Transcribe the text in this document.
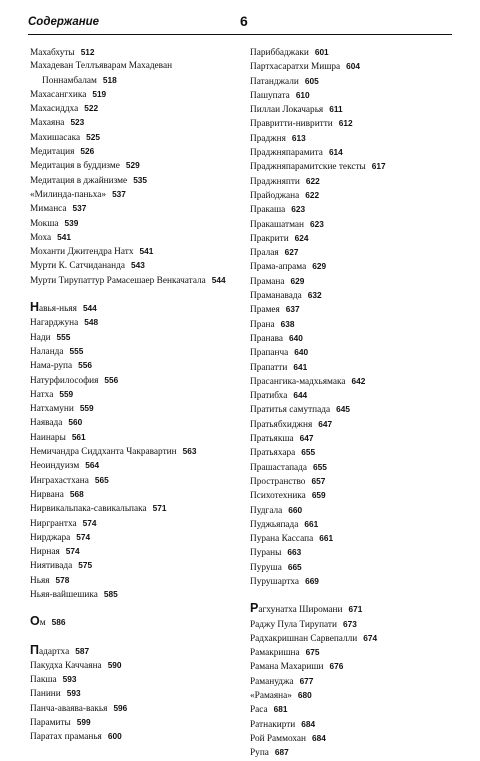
Содержание	6
Махабхуты 512
Махадеван Теллъяварам Махадеван Поннамбалам 518
Махасангхика 519
Махасиддха 522
Махаяна 523
Махишасака 525
Медитация 526
Медитация в буддизме 529
Медитация в джайнизме 535
«Милинда-паньха» 537
Миманса 537
Мокша 539
Моха 541
Моханти Джитендра Натх 541
Мурти К. Сатчидананда 543
Мурти Тирупаттур Рамасешаер Венкачатала 544
Навья-ньяя 544
Нагарджуна 548
Нади 555
Наланда 555
Нама-рупа 556
Натурфилософия 556
Натха 559
Натхамуни 559
Наявада 560
Наинары 561
Немичандра Сиддханта Чакравартин 563
Неоиндуизм 564
Инграхастхана 565
Нирвана 568
Нирвикальпака-савикальпака 571
Ниргрантха 574
Нирджара 574
Нирная 574
Ниятивада 575
Ньяя 578
Ньяя-вайшешика 585
Ом 586
Падартха 587
Пакудха Каччаяна 590
Пакша 593
Панини 593
Панча-аваява-вакья 596
Парамиты 599
Паратах праманья 600
Париббаджаки 601
Партхасаратхи Мишра 604
Патанджали 605
Пашупата 610
Пиллаи Локачарья 611
Правритти-нивритти 612
Праджня 613
Праджняпарамита 614
Праджняпарамитские тексты 617
Праджняпти 622
Прайоджана 622
Пракаша 623
Пракашатман 623
Пракрити 624
Пралая 627
Прама-апрама 629
Прамана 629
Праманавада 632
Прамея 637
Прана 638
Пранава 640
Прапанча 640
Прапатти 641
Прасангика-мадхьямака 642
Пратибха 644
Пратитья самутпада 645
Пратьябхиджня 647
Пратьякша 647
Пратьяхара 655
Прашастапада 655
Пространство 657
Психотехника 659
Пудгала 660
Пуджьяпада 661
Пурана Кассапа 661
Пураны 663
Пуруша 665
Пурушартха 669
Рагхунатха Широмани 671
Раджу Пула Тирупати 673
Радхакришнан Сарвепалли 674
Рамакришна 675
Рамана Махариши 676
Рамануджа 677
«Рамаяна» 680
Раса 681
Ратнакирти 684
Рой Раммохан 684
Рупа 687
